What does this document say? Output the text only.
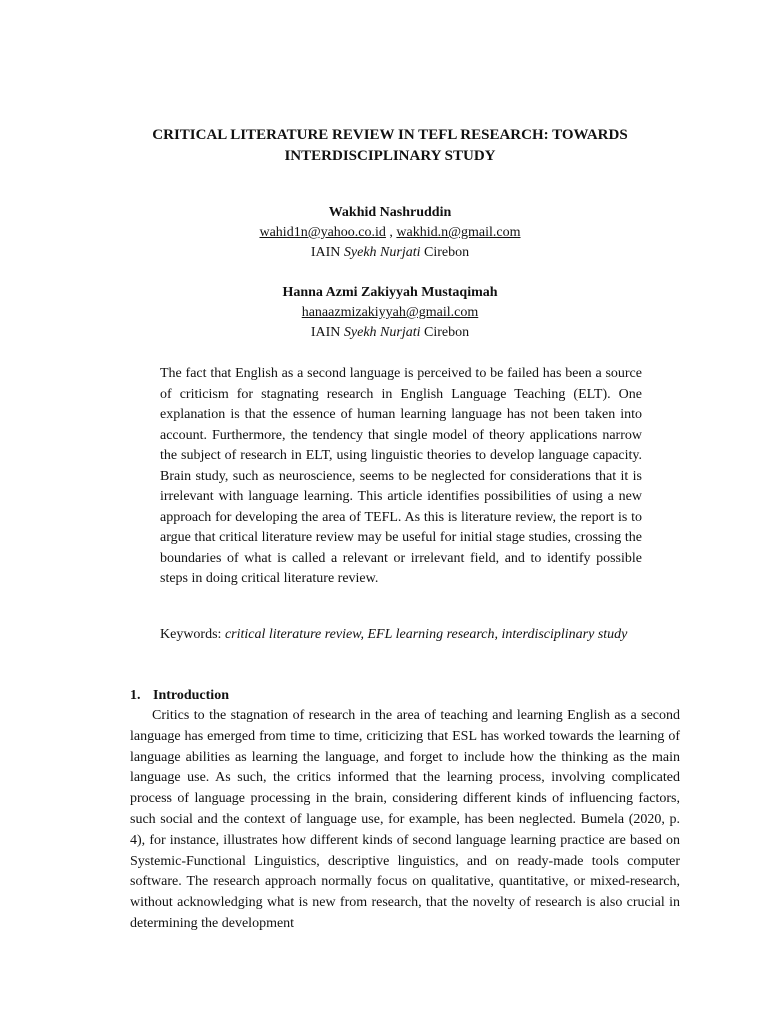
CRITICAL LITERATURE REVIEW IN TEFL RESEARCH: TOWARDS
INTERDISCIPLINARY STUDY
Wakhid Nashruddin
wahid1n@yahoo.co.id , wakhid.n@gmail.com
IAIN Syekh Nurjati Cirebon
Hanna Azmi Zakiyyah Mustaqimah
hanaazmizakiyyah@gmail.com
IAIN Syekh Nurjati Cirebon

The fact that English as a second language is perceived to be failed has been a source of criticism for stagnating research in English Language Teaching (ELT). One explanation is that the essence of human learning language has not been taken into account. Furthermore, the tendency that single model of theory applications narrow the subject of research in ELT, using linguistic theories to develop language capacity. Brain study, such as neuroscience, seems to be neglected for considerations that it is irrelevant with language learning. This article identifies possibilities of using a new approach for developing the area of TEFL. As this is literature review, the report is to argue that critical literature review may be useful for initial stage studies, crossing the boundaries of what is called a relevant or irrelevant field, and to identify possible steps in doing critical literature review.

Keywords: critical literature review, EFL learning research, interdisciplinary study

1. Introduction

Critics to the stagnation of research in the area of teaching and learning English as a second language has emerged from time to time, criticizing that ESL has worked towards the learning of language abilities as learning the language, and forget to include how the thinking as the main language use. As such, the critics informed that the learning process, involving complicated process of language processing in the brain, considering different kinds of influencing factors, such social and the context of language use, for example, has been neglected. Bumela (2020, p. 4), for instance, illustrates how different kinds of second language learning practice are based on Systemic-Functional Linguistics, descriptive linguistics, and on ready-made tools computer software. The research approach normally focus on qualitative, quantitative, or mixed-research, without acknowledging what is new from research, that the novelty of research is also crucial in determining the development
